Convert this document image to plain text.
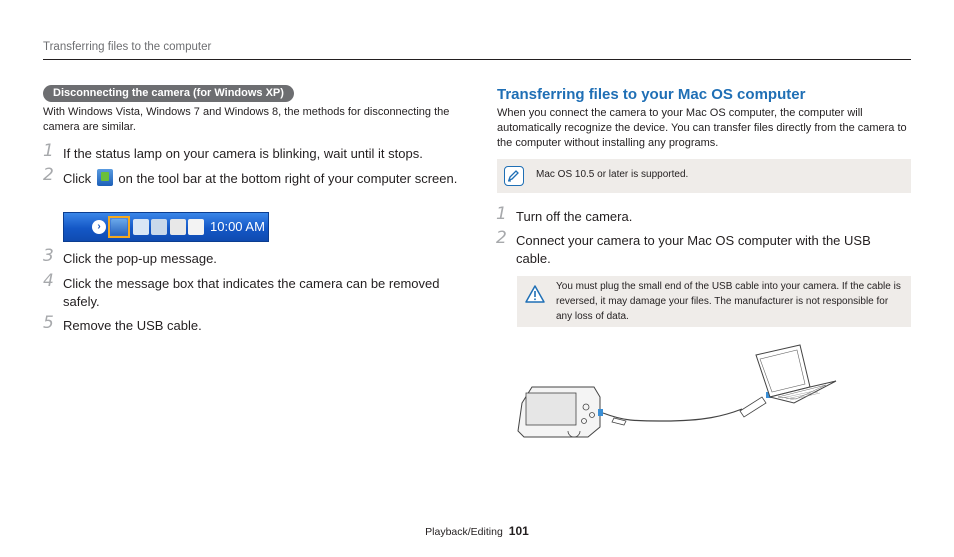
Transferring files to the computer
Disconnecting the camera (for Windows XP)
With Windows Vista, Windows 7 and Windows 8, the methods for disconnecting the camera are similar.
1 If the status lamp on your camera is blinking, wait until it stops.
2 Click on the tool bar at the bottom right of your computer screen.
›	10:00 AM
3 Click the pop-up message.
4 Click the message box that indicates the camera can be removed safely.
5 Remove the USB cable.
Transferring files to your Mac OS computer
When you connect the camera to your Mac OS computer, the computer will automatically recognize the device. You can transfer files directly from the camera to the computer without installing any programs.
Mac OS 10.5 or later is supported.
1 Turn off the camera.
2 Connect your camera to your Mac OS computer with the USB cable.
You must plug the small end of the USB cable into your camera. If the cable is reversed, it may damage your files. The manufacturer is not responsible for any loss of data.
Playback/Editing 101
